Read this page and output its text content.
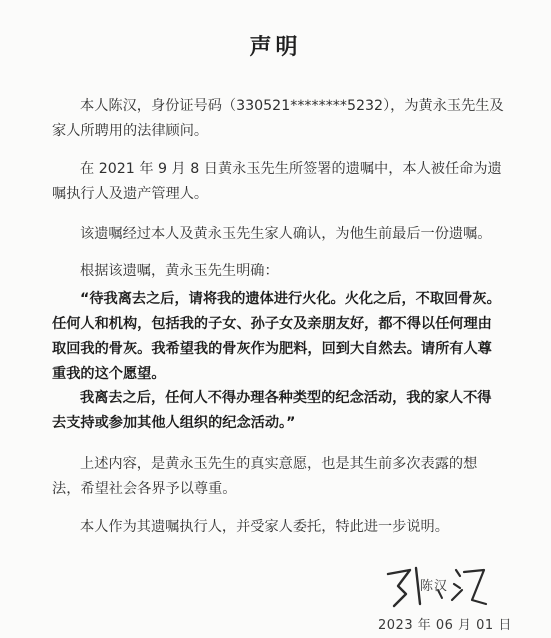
声明
本人陈汉，身份证号码（330521********5232），为黄永玉先生及家人所聘用的法律顾问。
在 2021 年 9 月 8 日黄永玉先生所签署的遗嘱中，本人被任命为遗嘱执行人及遗产管理人。
该遗嘱经过本人及黄永玉先生家人确认，为他生前最后一份遗嘱。
根据该遗嘱，黄永玉先生明确：
“待我离去之后，请将我的遗体进行火化。火化之后，不取回骨灰。任何人和机构，包括我的子女、孙子女及亲朋友好，都不得以任何理由取回我的骨灰。我希望我的骨灰作为肥料，回到大自然去。请所有人尊重我的这个愿望。
我离去之后，任何人不得办理各种类型的纪念活动，我的家人不得去支持或参加其他人组织的纪念活动。”
上述内容，是黄永玉先生的真实意愿，也是其生前多次表露的想法，希望社会各界予以尊重。
本人作为其遗嘱执行人，并受家人委托，特此进一步说明。
陈汉
2023 年 06 月 01 日
